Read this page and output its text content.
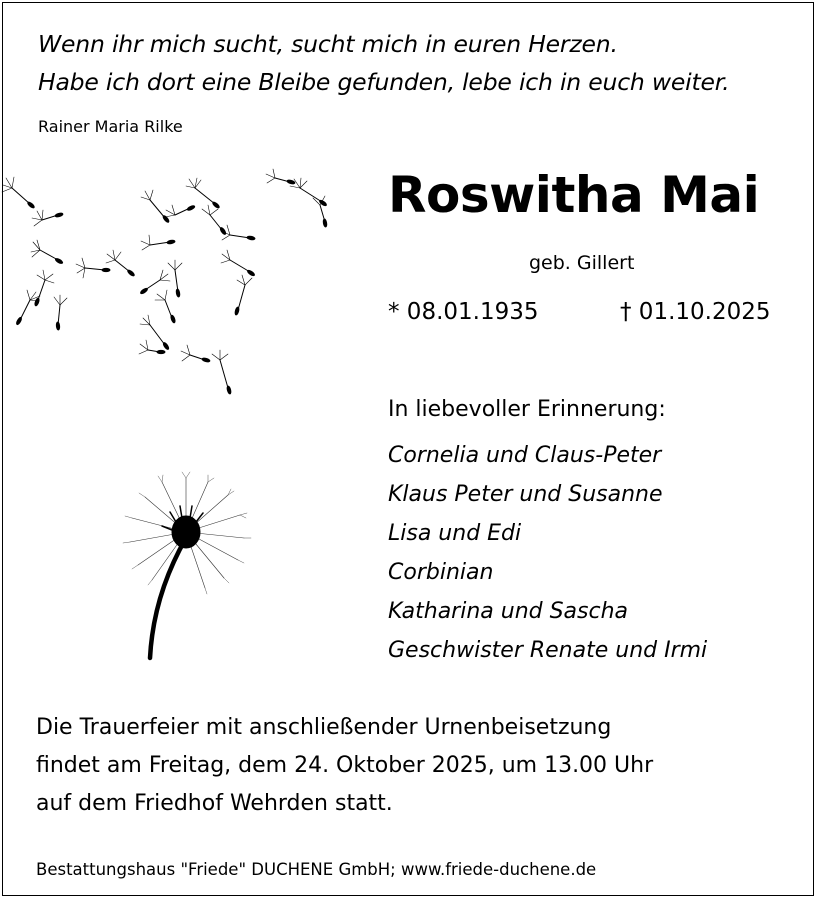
Wenn ihr mich sucht, sucht mich in euren Herzen.
Habe ich dort eine Bleibe gefunden, lebe ich in euch weiter.
Rainer Maria Rilke
Roswitha Mai
geb. Gillert
* 08.01.1935	† 01.10.2025
In liebevoller Erinnerung:
Cornelia und Claus-Peter
Klaus Peter und Susanne
Lisa und Edi
Corbinian
Katharina und Sascha
Geschwister Renate und Irmi
Die Trauerfeier mit anschließender Urnenbeisetzung
findet am Freitag, dem 24. Oktober 2025, um 13.00 Uhr
auf dem Friedhof Wehrden statt.
Bestattungshaus "Friede" DUCHENE GmbH; www.friede-duchene.de
